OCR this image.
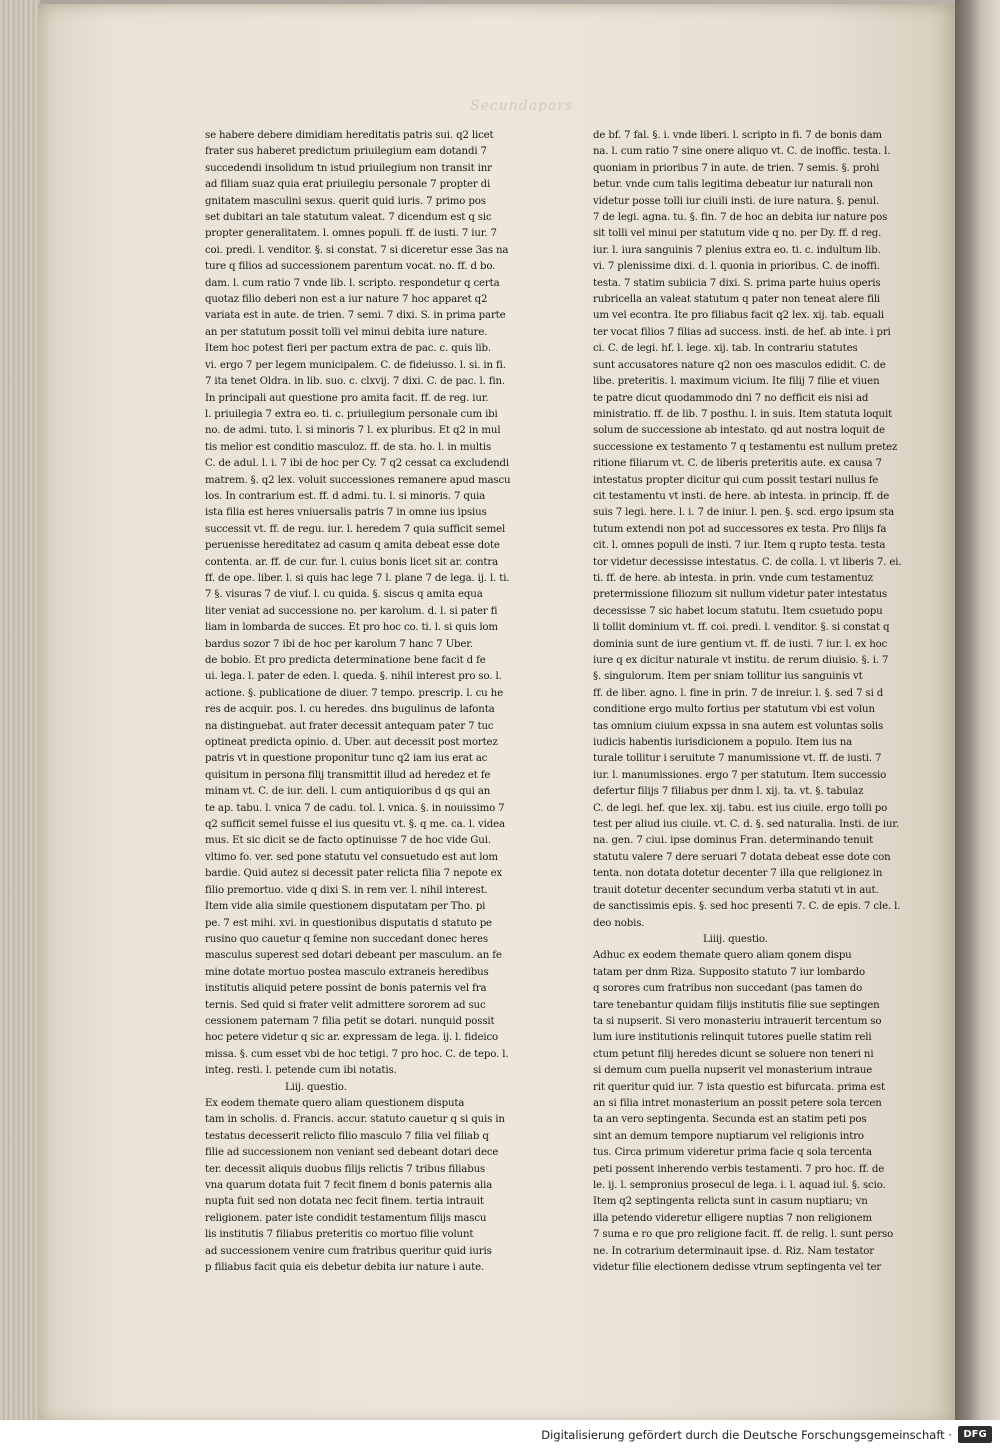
Secundapars
se habere debere dimidiam hereditatis patris sui. q2 licet
frater sus haberet predictum priuilegium eam dotandi 7
succedendi insolidum tn istud priuilegium non transit inr
ad filiam suaz quia erat priuilegiu personale 7 propter di
gnitatem masculini sexus. querit quid iuris. 7 primo pos
set dubitari an tale statutum valeat. 7 dicendum est q sic
propter generalitatem. l. omnes populi. ff. de iusti. 7 iur. 7
coi. predi. l. venditor. §. si constat. 7 si diceretur esse 3as na
ture q filios ad successionem parentum vocat. no. ff. d bo.
dam. l. cum ratio 7 vnde lib. l. scripto. respondetur q certa
quotaz filio deberi non est a iur nature 7 hoc apparet q2
variata est in aute. de trien. 7 semi. 7 dixi. S. in prima parte
an per statutum possit tolli vel minui debita iure nature.
Item hoc potest fieri per pactum extra de pac. c. quis lib.
vi. ergo 7 per legem municipalem. C. de fideiusso. l. si. in fi.
7 ita tenet Oldra. in lib. suo. c. clxvij. 7 dixi. C. de pac. l. fin.
In principali aut questione pro amita facit. ff. de reg. iur.
l. priuilegia 7 extra eo. ti. c. priuilegium personale cum ibi
no. de admi. tuto. l. si minoris 7 l. ex pluribus. Et q2 in mul
tis melior est conditio masculoz. ff. de sta. ho. l. in multis
C. de adul. l. i. 7 ibi de hoc per Cy. 7 q2 cessat ca excludendi
matrem. §. q2 lex. voluit successiones remanere apud mascu
los. In contrarium est. ff. d admi. tu. l. si minoris. 7 quia
ista filia est heres vniuersalis patris 7 in omne ius ipsius
successit vt. ff. de regu. iur. l. heredem 7 quia sufficit semel
peruenisse hereditatez ad casum q amita debeat esse dote
contenta. ar. ff. de cur. fur. l. cuius bonis licet sit ar. contra
ff. de ope. liber. l. si quis hac lege 7 l. plane 7 de lega. ij. l. ti.
7 §. visuras 7 de viuf. l. cu quida. §. siscus q amita equa
liter veniat ad successione no. per karolum. d. l. si pater fi
liam in lombarda de succes. Et pro hoc co. ti. l. si quis lom
bardus sozor 7 ibi de hoc per karolum 7 hanc 7 Uber.
de bobio. Et pro predicta determinatione bene facit d fe
ui. lega. l. pater de eden. l. queda. §. nihil interest pro so. l.
actione. §. publicatione de diuer. 7 tempo. prescrip. l. cu he
res de acquir. pos. l. cu heredes. dns bugulinus de lafonta
na distinguebat. aut frater decessit antequam pater 7 tuc
optineat predicta opinio. d. Uber. aut decessit post mortez
patris vt in questione proponitur tunc q2 iam ius erat ac
quisitum in persona filij transmittit illud ad heredez et fe
minam vt. C. de iur. deli. l. cum antiquioribus d qs qui an
te ap. tabu. l. vnica 7 de cadu. tol. l. vnica. §. in nouissimo 7
q2 sufficit semel fuisse el ius quesitu vt. §. q me. ca. l. videa
mus. Et sic dicit se de facto optinuisse 7 de hoc vide Gui.
vltimo fo. ver. sed pone statutu vel consuetudo est aut lom
bardie. Quid autez si decessit pater relicta filia 7 nepote ex
filio premortuo. vide q dixi S. in rem ver. l. nihil interest.
Item vide alia simile questionem disputatam per Tho. pi
pe. 7 est mihi. xvi. in questionibus disputatis d statuto pe
rusino quo cauetur q femine non succedant donec heres
masculus superest sed dotari debeant per masculum. an fe
mine dotate mortuo postea masculo extraneis heredibus
institutis aliquid petere possint de bonis paternis vel fra
ternis. Sed quid si frater velit admittere sororem ad suc
cessionem paternam 7 filia petit se dotari. nunquid possit
hoc petere videtur q sic ar. expressam de lega. ij. l. fideico
missa. §. cum esset vbi de hoc tetigi. 7 pro hoc. C. de tepo. l.
integ. resti. l. petende cum ibi notatis.
Liij. questio.
Ex eodem themate quero aliam questionem disputa
tam in scholis. d. Francis. accur. statuto cauetur q si quis in
testatus decesserit relicto filio masculo 7 filia vel filiab q
filie ad successionem non veniant sed debeant dotari dece
ter. decessit aliquis duobus filijs relictis 7 tribus filiabus
vna quarum dotata fuit 7 fecit finem d bonis paternis alia
nupta fuit sed non dotata nec fecit finem. tertia intrauit
religionem. pater iste condidit testamentum filijs mascu
lis institutis 7 filiabus preteritis co mortuo filie volunt
ad successionem venire cum fratribus queritur quid iuris
p filiabus facit quia eis debetur debita iur nature i aute.
de bf. 7 fal. §. i. vnde liberi. l. scripto in fi. 7 de bonis dam
na. l. cum ratio 7 sine onere aliquo vt. C. de inoffic. testa. l.
quoniam in prioribus 7 in aute. de trien. 7 semis. §. prohi
betur. vnde cum talis legitima debeatur iur naturali non
videtur posse tolli iur ciuili insti. de iure natura. §. penul.
7 de legi. agna. tu. §. fin. 7 de hoc an debita iur nature pos
sit tolli vel minui per statutum vide q no. per Dy. ff. d reg.
iur. l. iura sanguinis 7 plenius extra eo. ti. c. indultum lib.
vi. 7 plenissime dixi. d. l. quonia in prioribus. C. de inoffi.
testa. 7 statim subiicia 7 dixi. S. prima parte huius operis
rubricella an valeat statutum q pater non teneat alere fili
um vel econtra. Ite pro filiabus facit q2 lex. xij. tab. equali
ter vocat filios 7 filias ad success. insti. de hef. ab inte. i pri
ci. C. de legi. hf. l. lege. xij. tab. In contrariu statutes
sunt accusatores nature q2 non oes masculos edidit. C. de
libe. preteritis. l. maximum vicium. Ite filij 7 filie et viuen
te patre dicut quodammodo dni 7 no defficit eis nisi ad
ministratio. ff. de lib. 7 posthu. l. in suis. Item statuta loquit
solum de successione ab intestato. qd aut nostra loquit de
successione ex testamento 7 q testamentu est nullum pretez
ritione filiarum vt. C. de liberis preteritis aute. ex causa 7
intestatus propter dicitur qui cum possit testari nullus fe
cit testamentu vt insti. de here. ab intesta. in princip. ff. de
suis 7 legi. here. l. i. 7 de iniur. l. pen. §. scd. ergo ipsum sta
tutum extendi non pot ad successores ex testa. Pro filijs fa
cit. l. omnes populi de insti. 7 iur. Item q rupto testa. testa
tor videtur decessisse intestatus. C. de colla. l. vt liberis 7. ei.
ti. ff. de here. ab intesta. in prin. vnde cum testamentuz
pretermissione filiozum sit nullum videtur pater intestatus
decessisse 7 sic habet locum statutu. Item csuetudo popu
li tollit dominium vt. ff. coi. predi. l. venditor. §. si constat q
dominia sunt de iure gentium vt. ff. de iusti. 7 iur. l. ex hoc
iure q ex dicitur naturale vt institu. de rerum diuisio. §. i. 7
§. singulorum. Item per sniam tollitur ius sanguinis vt
ff. de liber. agno. l. fine in prin. 7 de inreiur. l. §. sed 7 si d
conditione ergo multo fortius per statutum vbi est volun
tas omnium ciuium expssa in sna autem est voluntas solis
iudicis habentis iurisdicionem a populo. Item ius na
turale tollitur i seruitute 7 manumissione vt. ff. de iusti. 7
iur. l. manumissiones. ergo 7 per statutum. Item successio
defertur filijs 7 filiabus per dnm l. xij. ta. vt. §. tabulaz
C. de legi. hef. que lex. xij. tabu. est ius ciuile. ergo tolli po
test per aliud ius ciuile. vt. C. d. §. sed naturalia. Insti. de iur.
na. gen. 7 ciui. ipse dominus Fran. determinando tenuit
statutu valere 7 dere seruari 7 dotata debeat esse dote con
tenta. non dotata dotetur decenter 7 illa que religionez in
trauit dotetur decenter secundum verba statuti vt in aut.
de sanctissimis epis. §. sed hoc presenti 7. C. de epis. 7 cle. l.
deo nobis.
Liiij. questio.
Adhuc ex eodem themate quero aliam qonem dispu
tatam per dnm Riza. Supposito statuto 7 iur lombardo
q sorores cum fratribus non succedant (pas tamen do
tare tenebantur quidam filijs institutis filie sue septingen
ta si nupserit. Si vero monasteriu intrauerit tercentum so
lum iure institutionis relinquit tutores puelle statim reli
ctum petunt filij heredes dicunt se soluere non teneri ni
si demum cum puella nupserit vel monasterium intraue
rit queritur quid iur. 7 ista questio est bifurcata. prima est
an si filia intret monasterium an possit petere sola tercen
ta an vero septingenta. Secunda est an statim peti pos
sint an demum tempore nuptiarum vel religionis intro
tus. Circa primum videretur prima facie q sola tercenta
peti possent inherendo verbis testamenti. 7 pro hoc. ff. de
le. ij. l. sempronius prosecul de lega. i. l. aquad iul. §. scio.
Item q2 septingenta relicta sunt in casum nuptiaru; vn
illa petendo videretur elligere nuptias 7 non religionem
7 suma e ro que pro religione facit. ff. de relig. l. sunt perso
ne. In cotrarium determinauit ipse. d. Riz. Nam testator
videtur filie electionem dedisse vtrum septingenta vel ter
Digitalisierung gefördert durch die Deutsche Forschungsgemeinschaft ·	DFG
